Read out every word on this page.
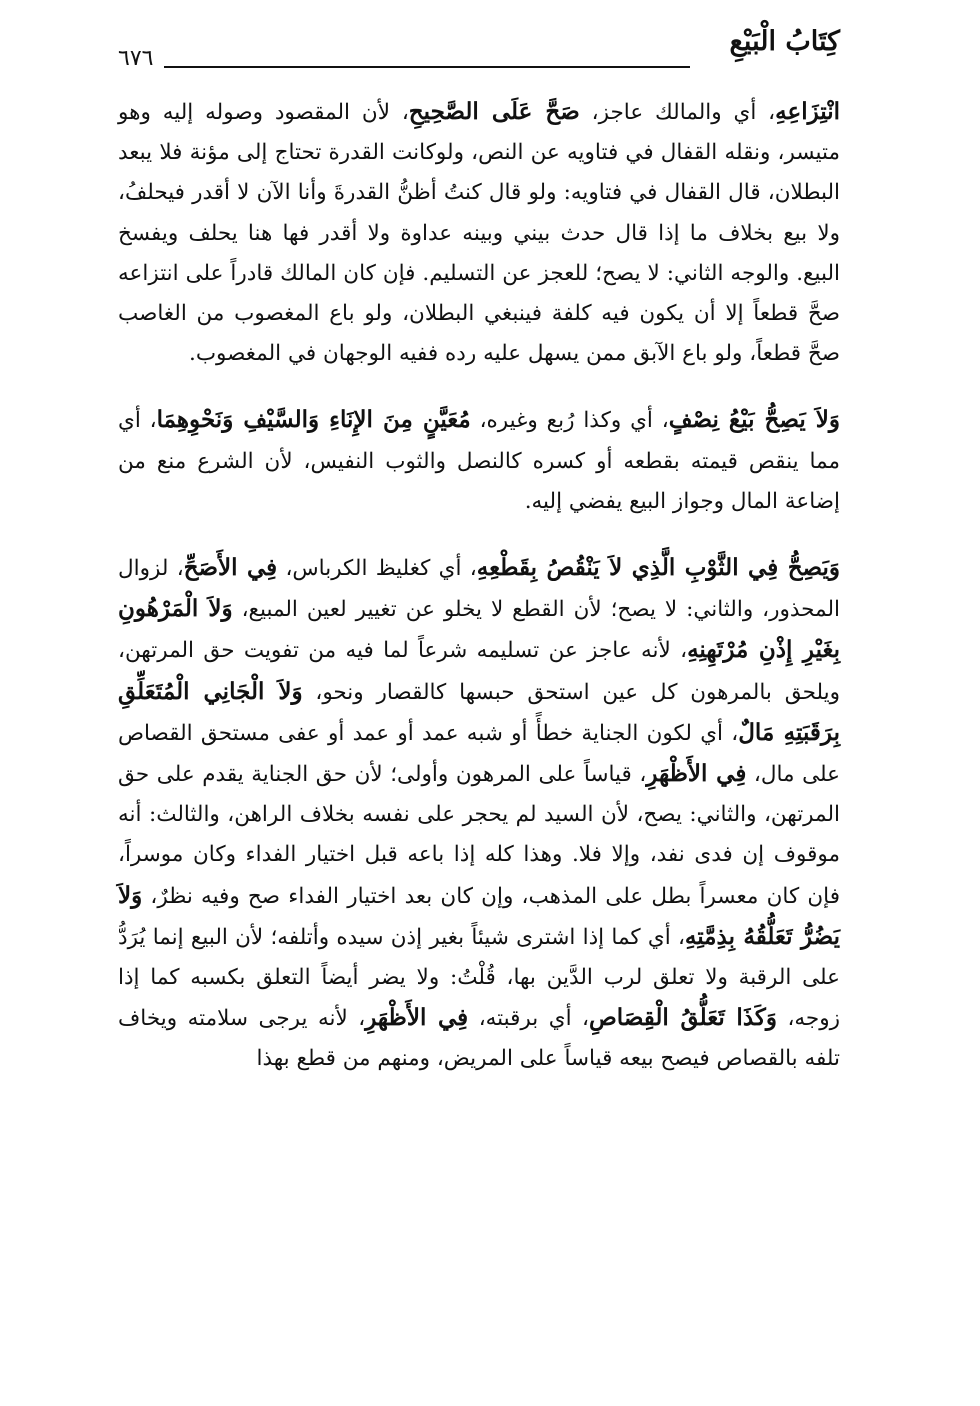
كِتَابُ الْبَيْعِ
٦٧٦

انْتِزَاعِهِ، أي والمالك عاجز، صَحَّ عَلَى الصَّحِيحِ، لأن المقصود وصوله إليه وهو متيسر، ونقله القفال في فتاويه عن النص، ولوكانت القدرة تحتاج إلى مؤنة فلا يبعد البطلان، قال القفال في فتاويه: ولو قال كنتُ أظنُّ القدرةَ وأنا الآن لا أقدر فيحلفُ، ولا بيع بخلاف ما إذا قال حدث بيني وبينه عداوة ولا أقدر فها هنا يحلف ويفسخ البيع. والوجه الثاني: لا يصح؛ للعجز عن التسليم. فإن كان المالك قادراً على انتزاعه صحَّ قطعاً إلا أن يكون فيه كلفة فينبغي البطلان، ولو باع المغصوب من الغاصب صحَّ قطعاً، ولو باع الآبق ممن يسهل عليه رده ففيه الوجهان في المغصوب.

وَلاَ يَصِحُّ بَيْعُ نِصْفٍ، أي وكذا رُبع وغيره، مُعَيَّنٍ مِنَ الإِنَاءِ وَالسَّيْفِ وَنَحْوِهِمَا، أي مما ينقص قيمته بقطعه أو كسره كالنصل والثوب النفيس، لأن الشرع منع من إضاعة المال وجواز البيع يفضي إليه.

وَيَصِحُّ فِي الثَّوْبِ الَّذِي لاَ يَنْقُصُ بِقَطْعِهِ، أي كغليظ الكرباس، فِي الأَصَحِّ، لزوال المحذور، والثاني: لا يصح؛ لأن القطع لا يخلو عن تغيير لعين المبيع، وَلاَ الْمَرْهُونِ بِغَيْرِ إِذْنِ مُرْتَهِنِهِ، لأنه عاجز عن تسليمه شرعاً لما فيه من تفويت حق المرتهن، ويلحق بالمرهون كل عين استحق حبسها كالقصار ونحو، وَلاَ الْجَانِي الْمُتَعَلِّقِ بِرَقَبَتِهِ مَالٌ، أي لكون الجناية خطأً أو شبه عمد أو عمد أو عفى مستحق القصاص على مال، فِي الأَظْهَرِ، قياساً على المرهون وأولى؛ لأن حق الجناية يقدم على حق المرتهن، والثاني: يصح، لأن السيد لم يحجر على نفسه بخلاف الراهن، والثالث: أنه موقوف إن فدى نفد، وإلا فلا. وهذا كله إذا باعه قبل اختيار الفداء وكان موسراً، فإن كان معسراً بطل على المذهب، وإن كان بعد اختيار الفداء صح وفيه نظرٌ، وَلاَ يَضُرُّ تَعَلُّقُهُ بِذِمَّتِهِ، أي كما إذا اشترى شيئاً بغير إذن سيده وأتلفه؛ لأن البيع إنما يُرَدُّ على الرقبة ولا تعلق لرب الدَّين بها، قُلْتُ: ولا يضر أيضاً التعلق بكسبه كما إذا زوجه، وَكَذَا تَعَلُّقُ الْقِصَاصِ، أي برقبته، فِي الأَظْهَرِ، لأنه يرجى سلامته ويخاف تلفه بالقصاص فيصح بيعه قياساً على المريض، ومنهم من قطع بهذا
